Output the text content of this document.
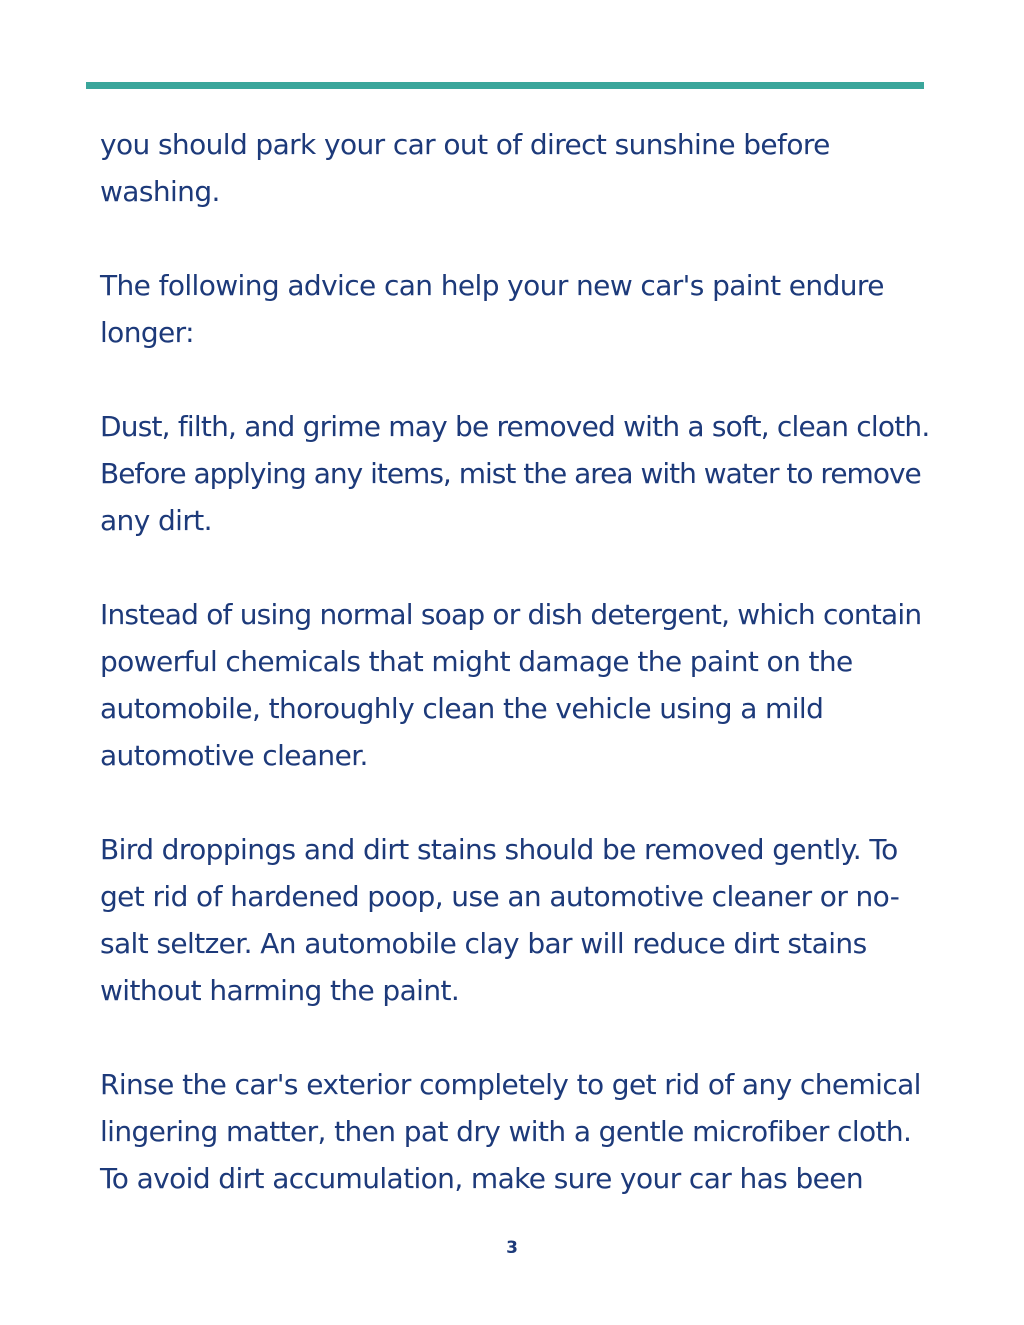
you should park your car out of direct sunshine before
washing.
The following advice can help your new car's paint endure
longer:
Dust, filth, and grime may be removed with a soft, clean cloth.
Before applying any items, mist the area with water to remove
any dirt.
Instead of using normal soap or dish detergent, which contain
powerful chemicals that might damage the paint on the
automobile, thoroughly clean the vehicle using a mild
automotive cleaner.
Bird droppings and dirt stains should be removed gently. To
get rid of hardened poop, use an automotive cleaner or no-
salt seltzer. An automobile clay bar will reduce dirt stains
without harming the paint.
Rinse the car's exterior completely to get rid of any chemical
lingering matter, then pat dry with a gentle microfiber cloth.
To avoid dirt accumulation, make sure your car has been
3
